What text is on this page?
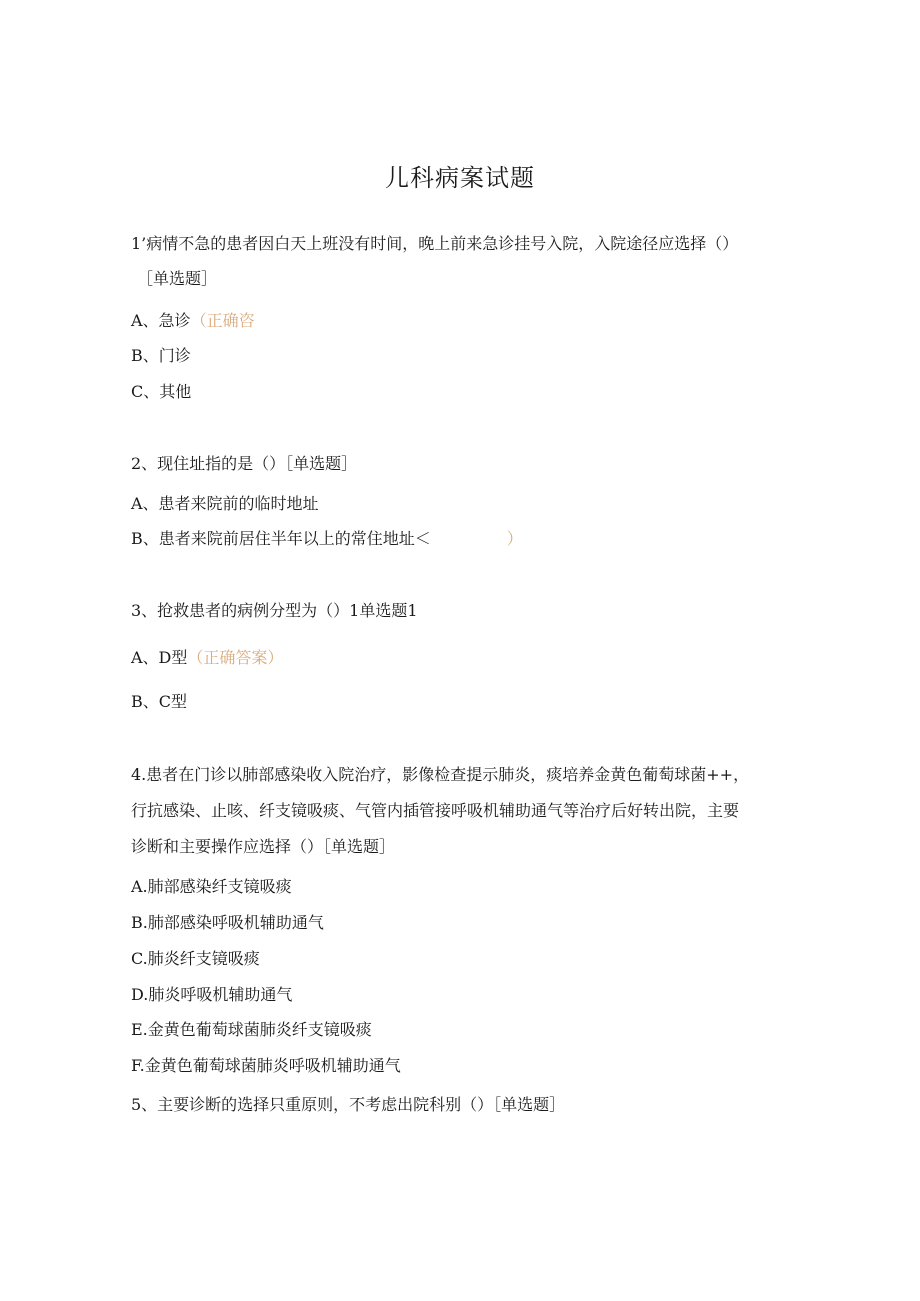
儿科病案试题
1’病情不急的患者因白天上班没有时间，晚上前来急诊挂号入院，入院途径应选择（）
［单选题］
A、急诊（正确咨
B、门诊
C、其他
2、现住址指的是（）［单选题］
A、患者来院前的临时地址
B、患者来院前居住半年以上的常住地址＜	）
3、抢救患者的病例分型为（）1单选题1
A、D型（正确答案）
B、C型
4.患者在门诊以肺部感染收入院治疗，影像检查提示肺炎，痰培养金黄色葡萄球菌++，
行抗感染、止咳、纤支镜吸痰、气管内插管接呼吸机辅助通气等治疗后好转出院，主要
诊断和主要操作应选择（）［单选题］
A.肺部感染纤支镜吸痰
B.肺部感染呼吸机辅助通气
C.肺炎纤支镜吸痰
D.肺炎呼吸机辅助通气
E.金黄色葡萄球菌肺炎纤支镜吸痰
F.金黄色葡萄球菌肺炎呼吸机辅助通气
5、主要诊断的选择只重原则，不考虑出院科别（）［单选题］
